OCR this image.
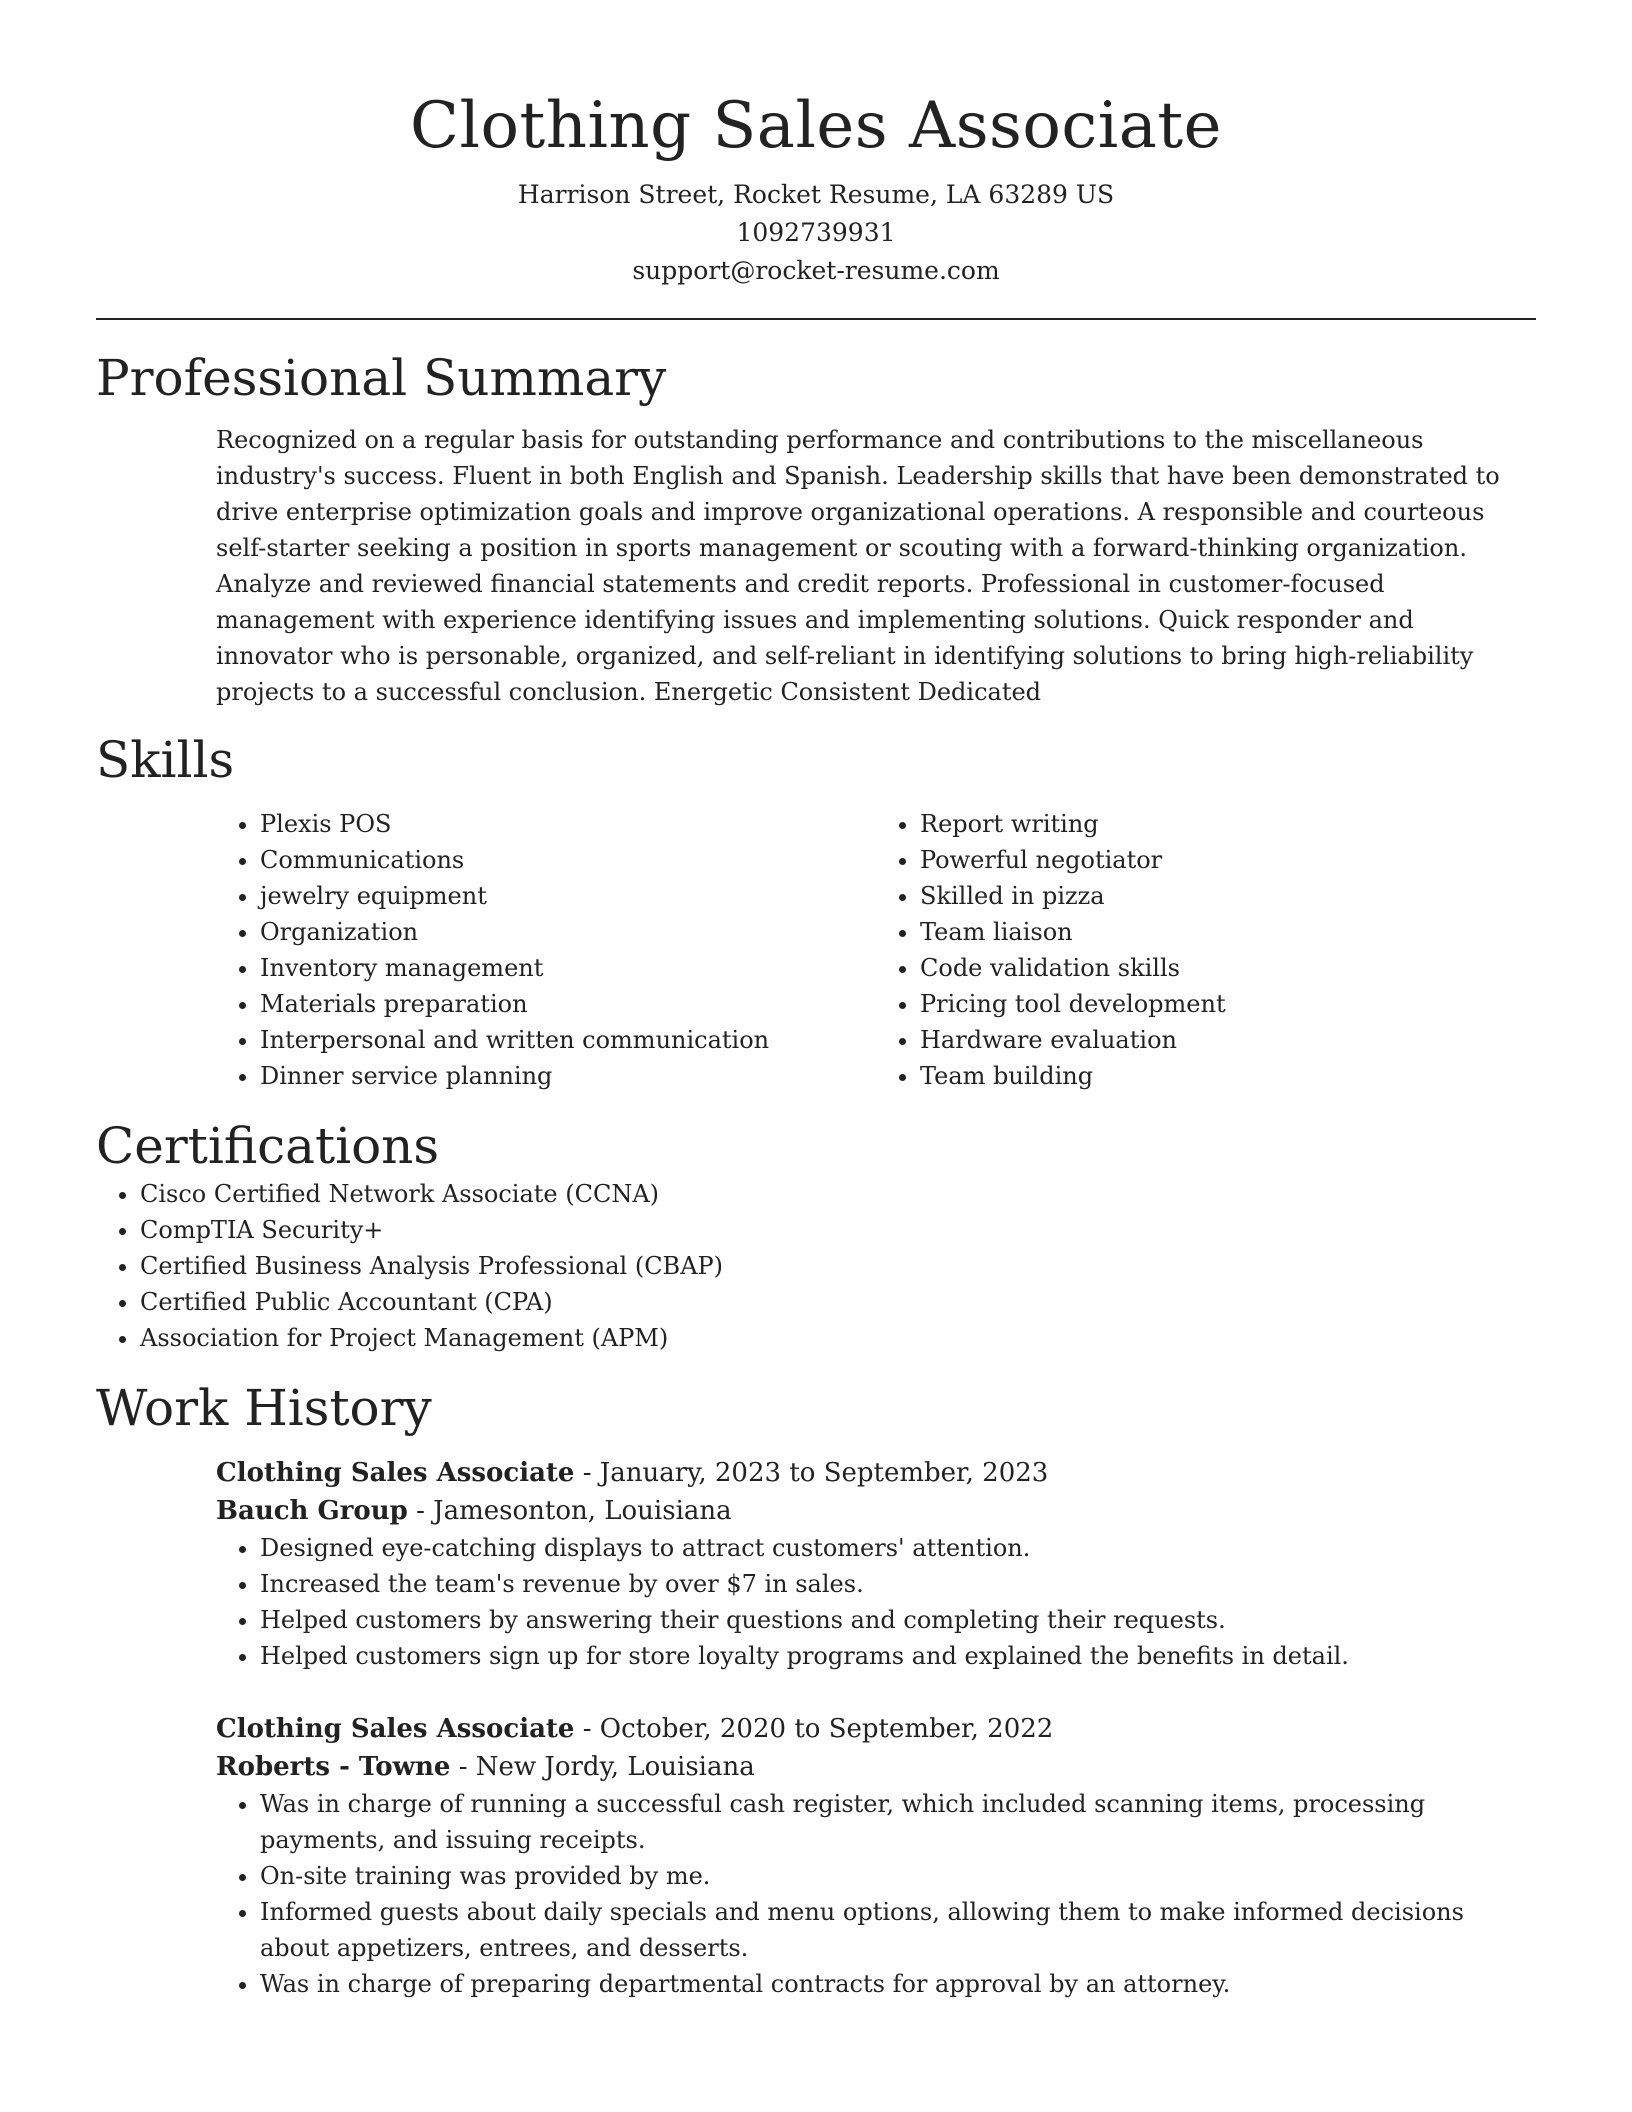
Clothing Sales Associate
Harrison Street, Rocket Resume, LA 63289 US
1092739931
support@rocket-resume.com
Professional Summary
Recognized on a regular basis for outstanding performance and contributions to the miscellaneous industry's success. Fluent in both English and Spanish. Leadership skills that have been demonstrated to drive enterprise optimization goals and improve organizational operations. A responsible and courteous self-starter seeking a position in sports management or scouting with a forward-thinking organization. Analyze and reviewed financial statements and credit reports. Professional in customer-focused management with experience identifying issues and implementing solutions. Quick responder and innovator who is personable, organized, and self-reliant in identifying solutions to bring high-reliability projects to a successful conclusion. Energetic Consistent Dedicated
Skills
• Plexis POS
• Communications
• jewelry equipment
• Organization
• Inventory management
• Materials preparation
• Interpersonal and written communication
• Dinner service planning
• Report writing
• Powerful negotiator
• Skilled in pizza
• Team liaison
• Code validation skills
• Pricing tool development
• Hardware evaluation
• Team building
Certifications
• Cisco Certified Network Associate (CCNA)
• CompTIA Security+
• Certified Business Analysis Professional (CBAP)
• Certified Public Accountant (CPA)
• Association for Project Management (APM)
Work History
Clothing Sales Associate - January, 2023 to September, 2023
Bauch Group - Jamesonton, Louisiana
• Designed eye-catching displays to attract customers' attention.
• Increased the team's revenue by over $7 in sales.
• Helped customers by answering their questions and completing their requests.
• Helped customers sign up for store loyalty programs and explained the benefits in detail.
Clothing Sales Associate - October, 2020 to September, 2022
Roberts - Towne - New Jordy, Louisiana
• Was in charge of running a successful cash register, which included scanning items, processing payments, and issuing receipts.
• On-site training was provided by me.
• Informed guests about daily specials and menu options, allowing them to make informed decisions about appetizers, entrees, and desserts.
• Was in charge of preparing departmental contracts for approval by an attorney.
